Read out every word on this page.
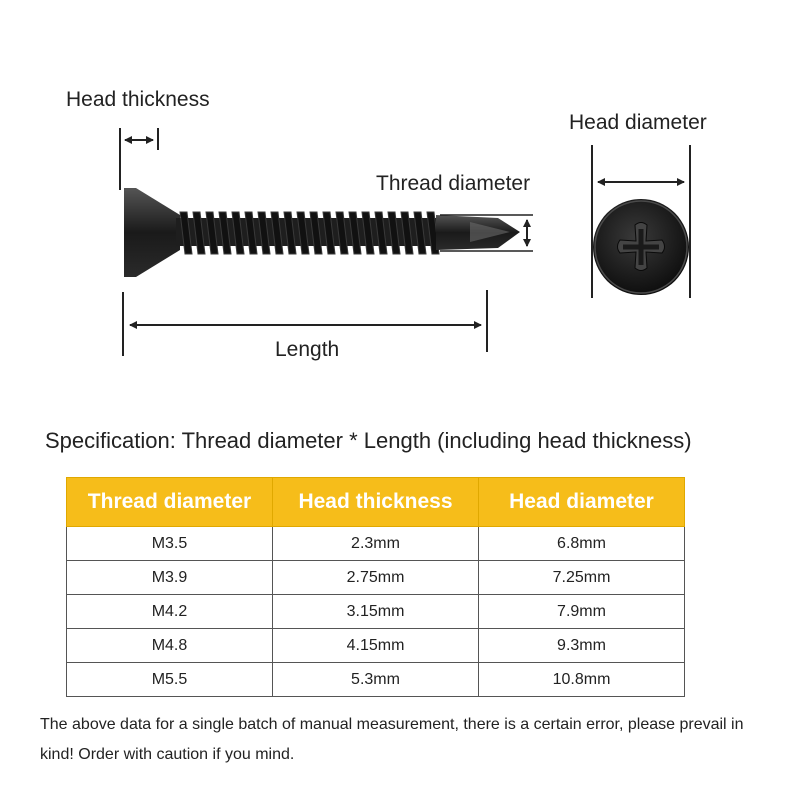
Head thickness
Head diameter
Thread diameter
Length
Specification: Thread diameter * Length (including head thickness)
Thread diameter	Head thickness	Head diameter
M3.5	2.3mm	6.8mm
M3.9	2.75mm	7.25mm
M4.2	3.15mm	7.9mm
M4.8	4.15mm	9.3mm
M5.5	5.3mm	10.8mm
The above data for a single batch of manual measurement, there is a certain error, please prevail in kind! Order with caution if you mind.
